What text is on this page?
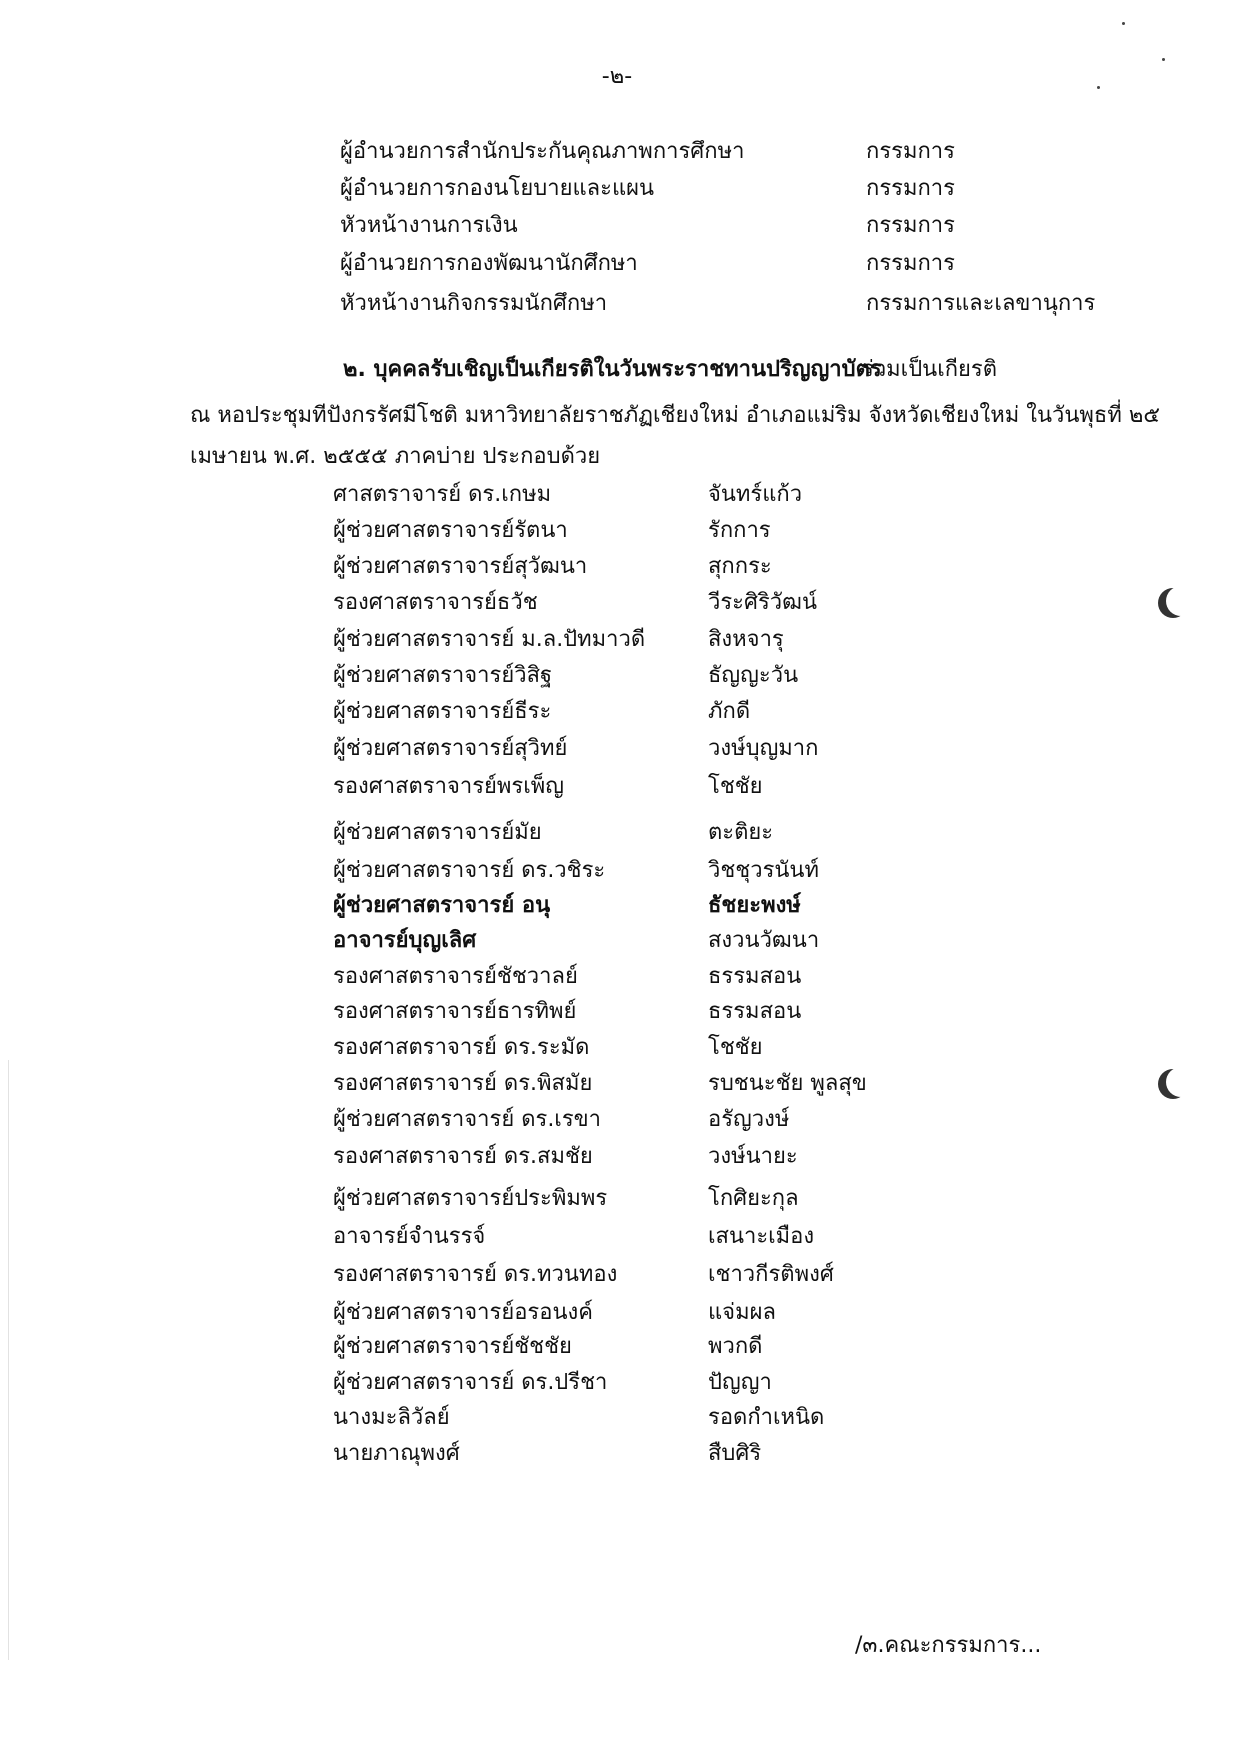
-๒-
ผู้อำนวยการสำนักประกันคุณภาพการศึกษา	กรรมการ
ผู้อำนวยการกองนโยบายและแผน	กรรมการ
หัวหน้างานการเงิน	กรรมการ
ผู้อำนวยการกองพัฒนานักศึกษา	กรรมการ
หัวหน้างานกิจกรรมนักศึกษา	กรรมการและเลขานุการ
๒. บุคคลรับเชิญเป็นเกียรติในวันพระราชทานปริญญาบัตร
ร่วมเป็นเกียรติ
ณ หอประชุมทีปังกรรัศมีโชติ มหาวิทยาลัยราชภัฏเชียงใหม่ อำเภอแม่ริม จังหวัดเชียงใหม่ ในวันพุธที่ ๒๕
เมษายน พ.ศ. ๒๕๕๕ ภาคบ่าย ประกอบด้วย
ศาสตราจารย์ ดร.เกษม	จันทร์แก้ว
ผู้ช่วยศาสตราจารย์รัตนา	รักการ
ผู้ช่วยศาสตราจารย์สุวัฒนา	สุกกระ
รองศาสตราจารย์ธวัช	วีระศิริวัฒน์
ผู้ช่วยศาสตราจารย์ ม.ล.ปัทมาวดี	สิงหจารุ
ผู้ช่วยศาสตราจารย์วิสิฐ	ธัญญะวัน
ผู้ช่วยศาสตราจารย์ธีระ	ภักดี
ผู้ช่วยศาสตราจารย์สุวิทย์	วงษ์บุญมาก
รองศาสตราจารย์พรเพ็ญ	โชชัย
ผู้ช่วยศาสตราจารย์มัย	ตะติยะ
ผู้ช่วยศาสตราจารย์ ดร.วชิระ	วิชชุวรนันท์
ผู้ช่วยศาสตราจารย์ อนุ	ธัชยะพงษ์
อาจารย์บุญเลิศ	สงวนวัฒนา
รองศาสตราจารย์ชัชวาลย์	ธรรมสอน
รองศาสตราจารย์ธารทิพย์	ธรรมสอน
รองศาสตราจารย์ ดร.ระมัด	โชชัย
รองศาสตราจารย์ ดร.พิสมัย	รบชนะชัย พูลสุข
ผู้ช่วยศาสตราจารย์ ดร.เรขา	อรัญวงษ์
รองศาสตราจารย์ ดร.สมชัย	วงษ์นายะ
ผู้ช่วยศาสตราจารย์ประพิมพร	โกศิยะกุล
อาจารย์จำนรรจ์	เสนาะเมือง
รองศาสตราจารย์ ดร.ทวนทอง	เชาวกีรติพงศ์
ผู้ช่วยศาสตราจารย์อรอนงค์	แจ่มผล
ผู้ช่วยศาสตราจารย์ชัชชัย	พวกดี
ผู้ช่วยศาสตราจารย์ ดร.ปรีชา	ปัญญา
นางมะลิวัลย์	รอดกำเหนิด
นายภาณุพงศ์	สืบศิริ
/๓.คณะกรรมการ...
